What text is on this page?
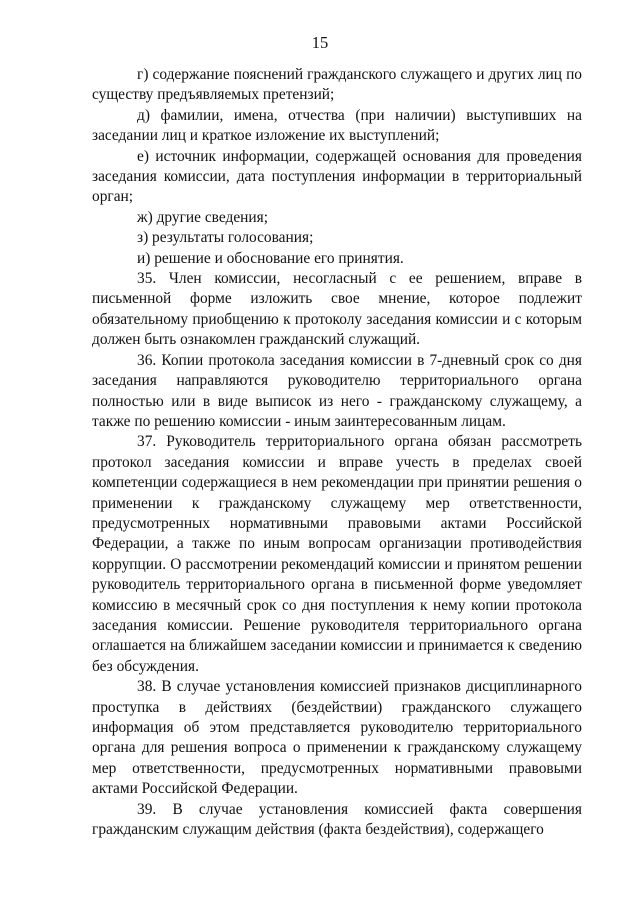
15

г) содержание пояснений гражданского служащего и других лиц по существу предъявляемых претензий;

д) фамилии, имена, отчества (при наличии) выступивших на заседании лиц и краткое изложение их выступлений;

е) источник информации, содержащей основания для проведения заседания комиссии, дата поступления информации в территориальный орган;

ж) другие сведения;

з) результаты голосования;

и) решение и обоснование его принятия.

35. Член комиссии, несогласный с ее решением, вправе в письменной форме изложить свое мнение, которое подлежит обязательному приобщению к протоколу заседания комиссии и с которым должен быть ознакомлен гражданский служащий.

36. Копии протокола заседания комиссии в 7-дневный срок со дня заседания направляются руководителю территориального органа полностью или в виде выписок из него - гражданскому служащему, а также по решению комиссии - иным заинтересованным лицам.

37. Руководитель территориального органа обязан рассмотреть протокол заседания комиссии и вправе учесть в пределах своей компетенции содержащиеся в нем рекомендации при принятии решения о применении к гражданскому служащему мер ответственности, предусмотренных нормативными правовыми актами Российской Федерации, а также по иным вопросам организации противодействия коррупции. О рассмотрении рекомендаций комиссии и принятом решении руководитель территориального органа в письменной форме уведомляет комиссию в месячный срок со дня поступления к нему копии протокола заседания комиссии. Решение руководителя территориального органа оглашается на ближайшем заседании комиссии и принимается к сведению без обсуждения.

38. В случае установления комиссией признаков дисциплинарного проступка в действиях (бездействии) гражданского служащего информация об этом представляется руководителю территориального органа для решения вопроса о применении к гражданскому служащему мер ответственности, предусмотренных нормативными правовыми актами Российской Федерации.

39. В случае установления комиссией факта совершения гражданским служащим действия (факта бездействия), содержащего
